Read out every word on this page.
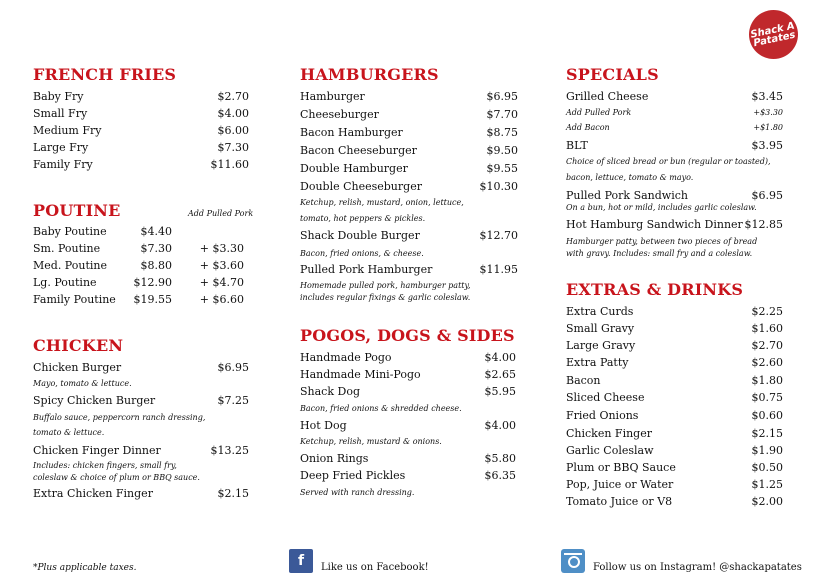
Shack A Patates
FRENCH FRIES
Baby Fry	$2.70
Small Fry	$4.00
Medium Fry	$6.00
Large Fry	$7.30
Family Fry	$11.60
POUTINE	Add Pulled Pork
Baby Poutine	$4.40
Sm. Poutine	$7.30	+ $3.30
Med. Poutine	$8.80	+ $3.60
Lg. Poutine	$12.90	+ $4.70
Family Poutine $19.55	+ $6.60
CHICKEN
Chicken Burger	$6.95
Mayo, tomato & lettuce.
Spicy Chicken Burger	$7.25
Buffalo sauce, peppercorn ranch dressing,
tomato & lettuce.
Chicken Finger Dinner	$13.25
Includes: chicken fingers, small fry,
coleslaw & choice of plum or BBQ sauce.
Extra Chicken Finger	$2.15
HAMBURGERS
Hamburger	$6.95
Cheeseburger	$7.70
Bacon Hamburger	$8.75
Bacon Cheeseburger	$9.50
Double Hamburger	$9.55
Double Cheeseburger	$10.30
Ketchup, relish, mustard, onion, lettuce,
tomato, hot peppers & pickles.
Shack Double Burger	$12.70
Bacon, fried onions, & cheese.
Pulled Pork Hamburger	$11.95
Homemade pulled pork, hamburger patty,
includes regular fixings & garlic coleslaw.
POGOS, DOGS & SIDES
Handmade Pogo	$4.00
Handmade Mini-Pogo	$2.65
Shack Dog	$5.95
Bacon, fried onions & shredded cheese.
Hot Dog	$4.00
Ketchup, relish, mustard & onions.
Onion Rings	$5.80
Deep Fried Pickles	$6.35
Served with ranch dressing.
SPECIALS
Grilled Cheese	$3.45
Add Pulled Pork	+$3.30
Add Bacon	+$1.80
BLT	$3.95
Choice of sliced bread or bun (regular or toasted),
bacon, lettuce, tomato & mayo.
Pulled Pork Sandwich	$6.95
On a bun, hot or mild, includes garlic coleslaw.
Hot Hamburg Sandwich Dinner $12.85
Hamburger patty, between two pieces of bread
with gravy. Includes: small fry and a coleslaw.
EXTRAS & DRINKS
Extra Curds	$2.25
Small Gravy	$1.60
Large Gravy	$2.70
Extra Patty	$2.60
Bacon	$1.80
Sliced Cheese	$0.75
Fried Onions	$0.60
Chicken Finger	$2.15
Garlic Coleslaw	$1.90
Plum or BBQ Sauce	$0.50
Pop, Juice or Water	$1.25
Tomato Juice or V8	$2.00
*Plus applicable taxes.	f	Like us on Facebook!	Follow us on Instagram! @shackapatates
